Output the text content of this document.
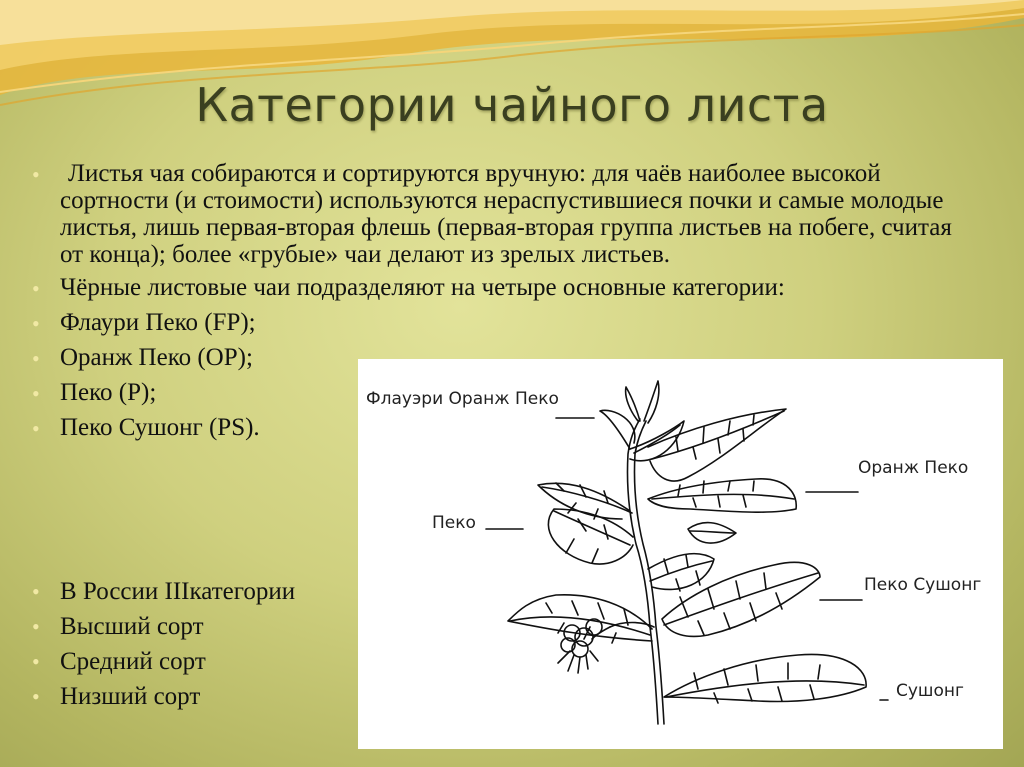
Категории чайного листа
• Листья чая собираются и сортируются вручную: для чаёв наиболее высокой сортности (и стоимости) используются нераспустившиеся почки и самые молодые листья, лишь первая-вторая флешь (первая-вторая группа листьев на побеге, считая от конца); более «грубые» чаи делают из зрелых листьев.
• Чёрные листовые чаи подразделяют на четыре основные категории:
• Флаури Пеко (FP);
• Оранж Пеко (OP);
• Пеко (P);
• Пеко Сушонг (PS).
• В России IIIкатегории
• Высший сорт
• Средний сорт
• Низший сорт
Флауэри Оранж Пеко
Оранж Пеко
Пеко
Пеко Сушонг
Сушонг
